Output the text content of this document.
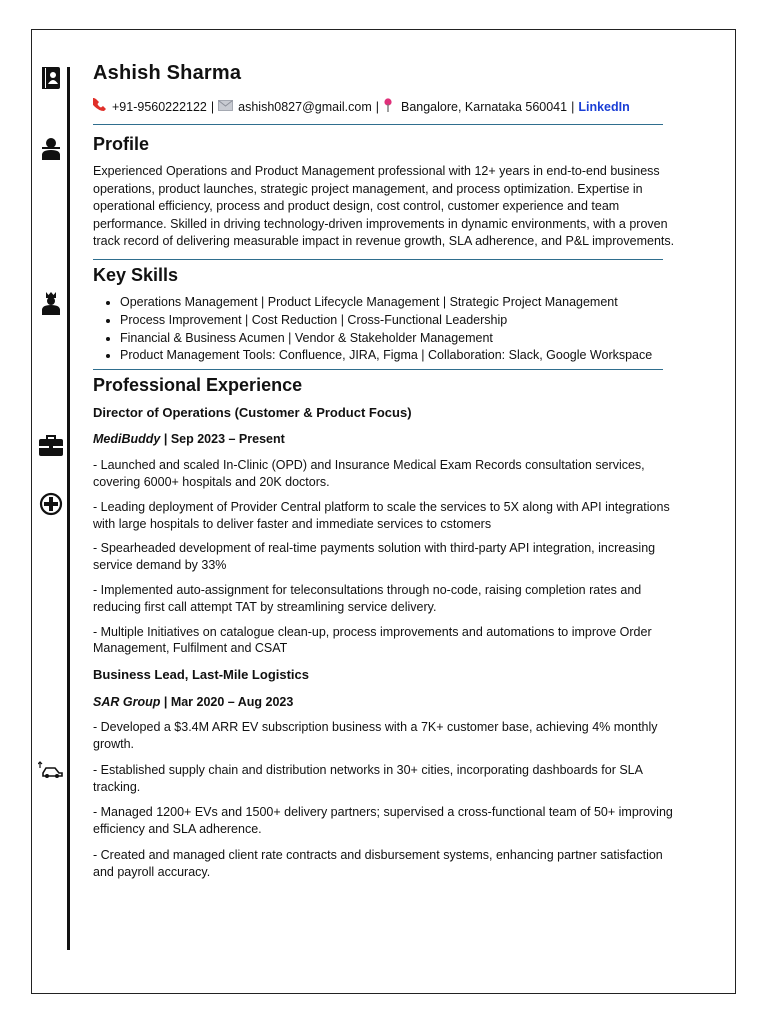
Ashish Sharma
+91-9560222122 | ashish0827@gmail.com | Bangalore, Karnataka 560041 | LinkedIn
Profile

Experienced Operations and Product Management professional with 12+ years in end-to-end business operations, product launches, strategic project management, and process optimization. Expertise in operational efficiency, process and product design, cost control, customer experience and team performance. Skilled in driving technology-driven improvements in dynamic environments, with a proven track record of delivering measurable impact in revenue growth, SLA adherence, and P&L improvements.

Key Skills
• Operations Management | Product Lifecycle Management | Strategic Project Management
• Process Improvement | Cost Reduction | Cross-Functional Leadership
• Financial & Business Acumen | Vendor & Stakeholder Management
• Product Management Tools: Confluence, JIRA, Figma | Collaboration: Slack, Google Workspace
Professional Experience
Director of Operations (Customer & Product Focus)
MediBuddy | Sep 2023 – Present
- Launched and scaled In-Clinic (OPD) and Insurance Medical Exam Records consultation services, covering 6000+ hospitals and 20K doctors.
- Leading deployment of Provider Central platform to scale the services to 5X along with API integrations with large hospitals to deliver faster and immediate services to cstomers
- Spearheaded development of real-time payments solution with third-party API integration, increasing service demand by 33%
- Implemented auto-assignment for teleconsultations through no-code, raising completion rates and reducing first call attempt TAT by streamlining service delivery.
- Multiple Initiatives on catalogue clean-up, process improvements and automations to improve Order Management, Fulfilment and CSAT
Business Lead, Last-Mile Logistics
SAR Group | Mar 2020 – Aug 2023
- Developed a $3.4M ARR EV subscription business with a 7K+ customer base, achieving 4% monthly growth.
- Established supply chain and distribution networks in 30+ cities, incorporating dashboards for SLA tracking.
- Managed 1200+ EVs and 1500+ delivery partners; supervised a cross-functional team of 50+ improving efficiency and SLA adherence.
- Created and managed client rate contracts and disbursement systems, enhancing partner satisfaction and payroll accuracy.
